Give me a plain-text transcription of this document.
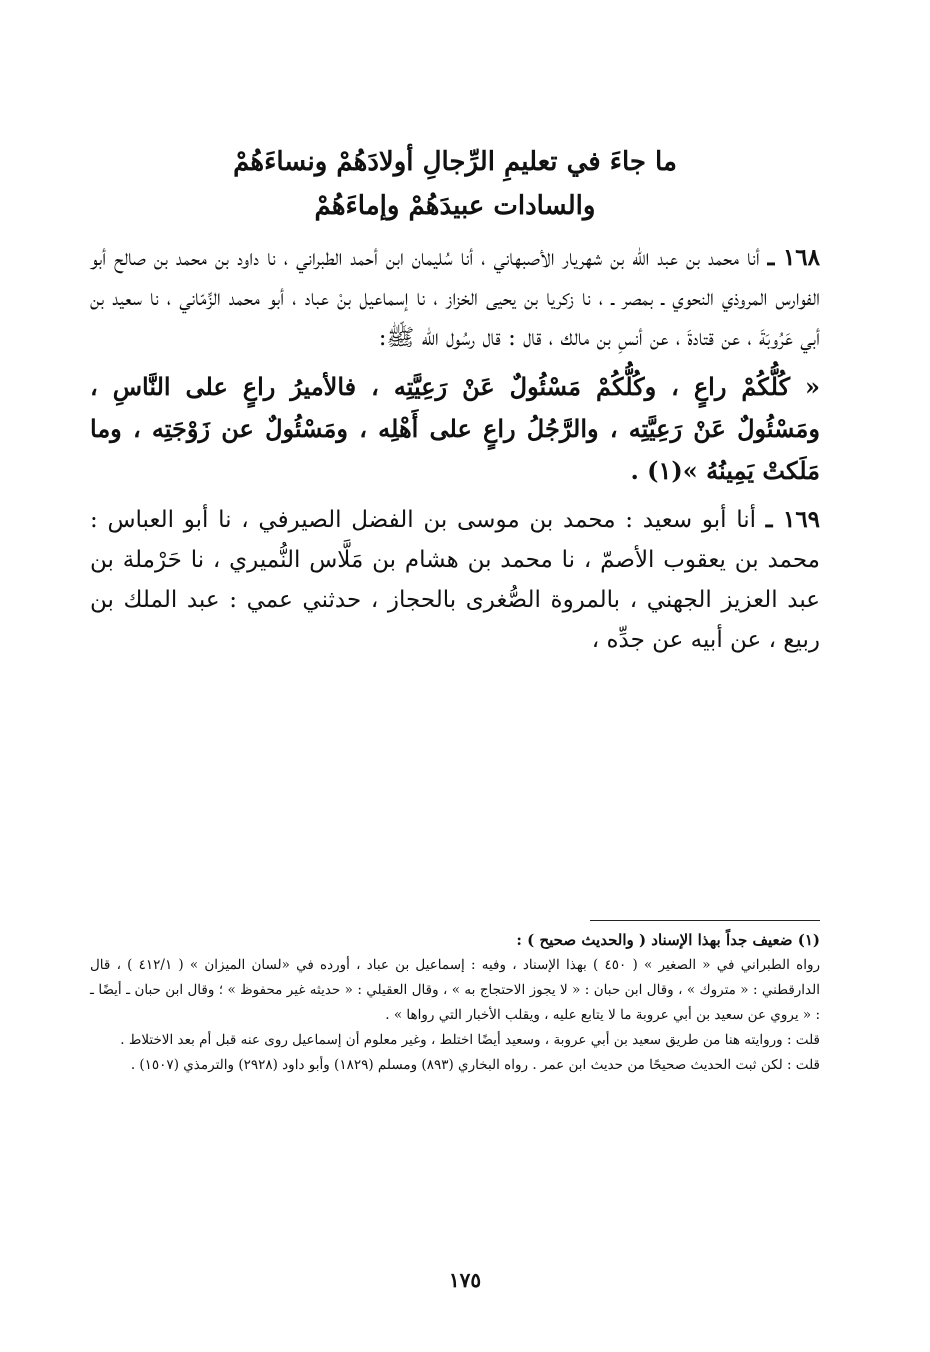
ما جاءَ في تعليمِ الرِّجالِ أولادَهُمْ ونساءَهُمْ
والسادات عبيدَهُمْ وإماءَهُمْ

١٦٨ ـ أنا محمد بن عبد الله بن شهريار الأصبهاني ، أنا سُليمان ابن أحمد الطبراني ، نا داود بن محمد بن صالح أبو الفوارس المروذي النحوي ـ بمصر ـ ، نا زكريا بن يحيى الخزاز ، نا إسماعيل بنْ عباد ، أبو محمد الزِّمّاني ، نا سعيد بن أبي عَرُوبَةَ ، عن قتادةَ ، عن أنسِ بن مالك ، قال : قال رسُول الله ﷺ:

« كُلُّكُمْ راعٍ ، وكُلُّكُمْ مَسْئُولٌ عَنْ رَعِيَّتِه ، فالأميرُ راعٍ على النَّاسِ ، ومَسْئُولٌ عَنْ رَعِيَّتِه ، والرَّجُلُ راعٍ على أَهْلِه ، ومَسْئُولٌ عن زَوْجَتِه ، وما مَلَكتْ يَمِينُهُ »(١) .

١٦٩ ـ أنا أبو سعيد : محمد بن موسى بن الفضل الصيرفي ، نا أبو العباس : محمد بن يعقوب الأصمّ ، نا محمد بن هشام بن مَلَّاس النُّميري ، نا حَرْملة بن عبد العزيز الجهني ، بالمروة الصُّغرى بالحجاز ، حدثني عمي : عبد الملك بن ربيع ، عن أبيه عن جدِّه ،

(١) ضعيف جداً بهذا الإسناد ( والحديث صحيح ) :

رواه الطبراني في « الصغير » ( ٤٥٠ ) بهذا الإسناد ، وفيه : إسماعيل بن عباد ، أورده في «لسان الميزان » ( ٤١٢/١ ) ، قال الدارقطني : « متروك » ، وقال ابن حبان : « لا يجوز الاحتجاج به » ، وقال العقيلي : « حديثه غير محفوظ » ؛ وقال ابن حبان ـ أيضًا ـ : « يروي عن سعيد بن أبي عروبة ما لا يتابع عليه ، ويقلب الأخبار التي رواها » .

قلت : وروايته هنا من طريق سعيد بن أبي عروبة ، وسعيد أيضًا اختلط ، وغير معلوم أن إسماعيل روى عنه قبل أم بعد الاختلاط .

قلت : لكن ثبت الحديث صحيحًا من حديث ابن عمر . رواه البخاري (٨٩٣) ومسلم (١٨٢٩) وأبو داود (٢٩٢٨) والترمذي (١٥٠٧) .

١٧٥
